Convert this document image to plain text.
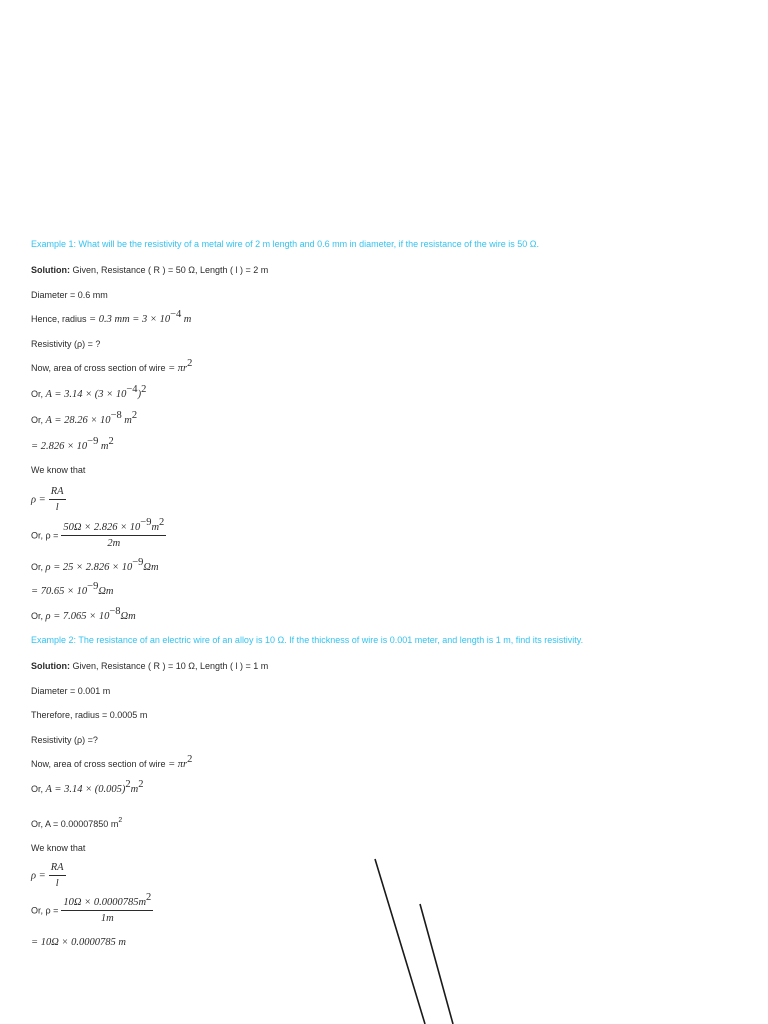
Example 1: What will be the resistivity of a metal wire of 2 m length and 0.6 mm in diameter, if the resistance of the wire is 50 Ω.
Solution: Given, Resistance ( R ) = 50 Ω, Length ( l ) = 2 m
Diameter = 0.6 mm
Hence, radius = 0.3 mm = $3 \times 10^{-4}$ m
Resistivity (ρ) = ?
Now, area of cross section of wire = $\pi r^2$
Or, $A = 3.14 \times (3 \times 10^{-4})^2$
Or, $A = 28.26 \times 10^{-8}$ $m^2$
= $2.826 \times 10^{-9}$ $m^2$
We know that
$\rho = \frac{RA}{l}$
Or, $\rho = \frac{50\Omega \times 2.826 \times 10^{-9}m^2}{2m}$
Or, $\rho = 25 \times 2.826 \times 10^{-9}\Omega m$
= $70.65 \times 10^{-9}\Omega m$
Or, $\rho = 7.065 \times 10^{-8}\Omega m$
Example 2: The resistance of an electric wire of an alloy is 10 Ω. If the thickness of wire is 0.001 meter, and length is 1 m, find its resistivity.
Solution: Given, Resistance ( R ) = 10 Ω, Length ( l ) = 1 m
Diameter = 0.001 m
Therefore, radius = 0.0005 m
Resistivity (ρ) =?
Now, area of cross section of wire = $\pi r^2$
Or, $A = 3.14 \times (0.005)^2m^2$
Or, A = 0.00007850 $m^2$
We know that
$\rho = \frac{RA}{l}$
Or, $\rho = \frac{10\Omega \times 0.0000785m^2}{1m}$
= 10Ω × 0.0000785 m
